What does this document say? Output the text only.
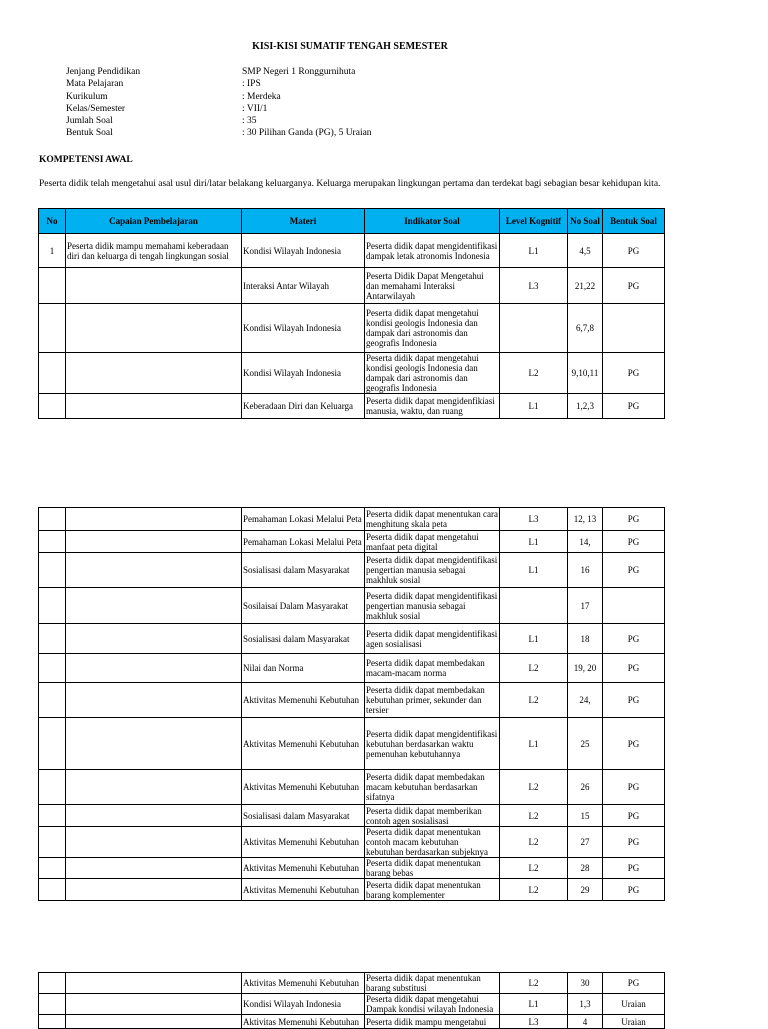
KISI-KISI SUMATIF TENGAH SEMESTER
Jenjang Pendidikan	SMP Negeri 1 Ronggurnihuta
Mata Pelajaran	: IPS
Kurikulum	: Merdeka
Kelas/Semester	: VII/1
Jumlah Soal	: 35
Bentuk Soal	: 30 Pilihan Ganda (PG), 5 Uraian
KOMPETENSI AWAL
Peserta didik telah mengetahui asal usul diri/latar belakang keluarganya. Keluarga merupakan lingkungan pertama dan terdekat bagi sebagian besar kehidupan kita.
No	Capaian Pembelajaran	Materi	Indikator Soal	Level Kognitif	No Soal	Bentuk Soal
1	Peserta didik mampu memahami keberadaan diri dan keluarga di tengah lingkungan sosial	Kondisi Wilayah Indonesia	Peserta didik dapat mengidentifikasi dampak letak atronomis Indonesia	L1	4,5	PG
		Interaksi Antar Wilayah	Peserta Didik Dapat Mengetahui dan memahami Interaksi Antarwilayah	L3	21,22	PG
		Kondisi Wilayah Indonesia	Peserta didik dapat mengetahui kondisi geologis Indonesia dan dampak dari astronomis dan geografis Indonesia		6,7,8	
		Kondisi Wilayah Indonesia	Peserta didik dapat mengetahui kondisi geologis Indonesia dan dampak dari astronomis dan geografis Indonesia	L2	9,10,11	PG
		Keberadaan Diri dan Keluarga	Peserta didik dapat mengidenfikiasi manusia, waktu, dan ruang	L1	1,2,3	PG
		Pemahaman Lokasi Melalui Peta	Peserta didik dapat menentukan cara menghitung skala peta	L3	12, 13	PG
		Pemahaman Lokasi Melalui Peta	Peserta didik dapat mengetahui manfaat peta digital	L1	14,	PG
		Sosialisasi dalam Masyarakat	Peserta didik dapat mengidentifikasi pengertian manusia sebagai makhluk sosial	L1	16	PG
		Sosilaisai Dalam Masyarakat	Peserta didik dapat mengidentifikasi pengertian manusia sebagai makhluk sosial		17	
		Sosialisasi dalam Masyarakat	Peserta didik dapat mengidentifikasi agen sosialisasi	L1	18	PG
		Nilai dan Norma	Peserta didik dapat membedakan macam-macam norma	L2	19, 20	PG
		Aktivitas Memenuhi Kebutuhan	Peserta didik dapat membedakan kebutuhan primer, sekunder dan tersier	L2	24,	PG
		Aktivitas Memenuhi Kebutuhan	Peserta didik dapat mengidentifikasi kebutuhan berdasarkan waktu pemenuhan kebutuhannya	L1	25	PG
		Aktivitas Memenuhi Kebutuhan	Peserta didik dapat membedakan macam kebutuhan berdasarkan sifatnya	L2	26	PG
		Sosialisasi dalam Masyarakat	Peserta didik dapat memberikan contoh agen sosialisasi	L2	15	PG
		Aktivitas Memenuhi Kebutuhan	Peserta didik dapat menentukan contoh macam kebutuhan kebutuhan berdasarkan subjeknya	L2	27	PG
		Aktivitas Memenuhi Kebutuhan	Peserta didik dapat menentukan barang bebas	L2	28	PG
		Aktivitas Memenuhi Kebutuhan	Peserta didik dapat menentukan barang komplementer	L2	29	PG
		Aktivitas Memenuhi Kebutuhan	Peserta didik dapat menentukan barang substitusi	L2	30	PG
		Kondisi Wilayah Indonesia	Peserta didik dapat mengetahui Dampak kondisi wilayah Indonesia	L1	1,3	Uraian
		Aktivitas Memenuhi Kebutuhan	Peserta didik mampu mengetahui	L3	4	Uraian
